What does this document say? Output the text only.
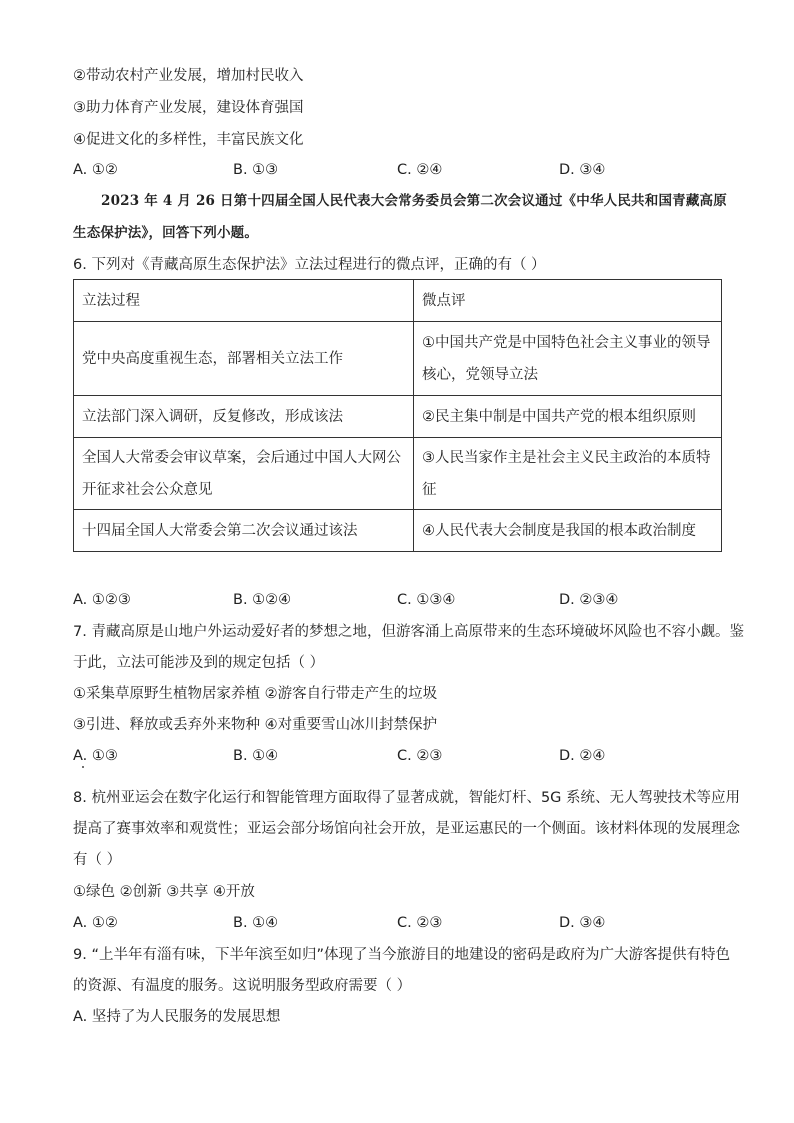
②带动农村产业发展，增加村民收入
③助力体育产业发展，建设体育强国
④促进文化的多样性，丰富民族文化
A. ①②	B. ①③	C. ②④	D. ③④
2023 年 4 月 26 日第十四届全国人民代表大会常务委员会第二次会议通过《中华人民共和国青藏高原
生态保护法》，回答下列小题。
6. 下列对《青藏高原生态保护法》立法过程进行的微点评，正确的有（ ）
立法过程	微点评
党中央高度重视生态，部署相关立法工作	①中国共产党是中国特色社会主义事业的领导核心，党领导立法
立法部门深入调研，反复修改，形成该法	②民主集中制是中国共产党的根本组织原则
全国人大常委会审议草案，会后通过中国人大网公开征求社会公众意见	③人民当家作主是社会主义民主政治的本质特征
十四届全国人大常委会第二次会议通过该法	④人民代表大会制度是我国的根本政治制度
A. ①②③	B. ①②④	C. ①③④	D. ②③④
7. 青藏高原是山地户外运动爱好者的梦想之地，但游客涌上高原带来的生态环境破坏风险也不容小觑。鉴
于此，立法可能涉及到的规定包括（ ）
①采集草原野生植物居家养植 ②游客自行带走产生的垃圾
③引进、释放或丢弃外来物种 ④对重要雪山冰川封禁保护
A. ①③	B. ①④	C. ②③	D. ②④
8. 杭州亚运会在数字化运行和智能管理方面取得了显著成就，智能灯杆、5G 系统、无人驾驶技术等应用
提高了赛事效率和观赏性；亚运会部分场馆向社会开放，是亚运惠民的一个侧面。该材料体现的发展理念
有（ ）
①绿色 ②创新 ③共享 ④开放
A. ①②	B. ①④	C. ②③	D. ③④
9. “上半年有淄有味，下半年滨至如归”体现了当今旅游目的地建设的密码是政府为广大游客提供有特色
的资源、有温度的服务。这说明服务型政府需要（ ）
A. 坚持了为人民服务的发展思想
